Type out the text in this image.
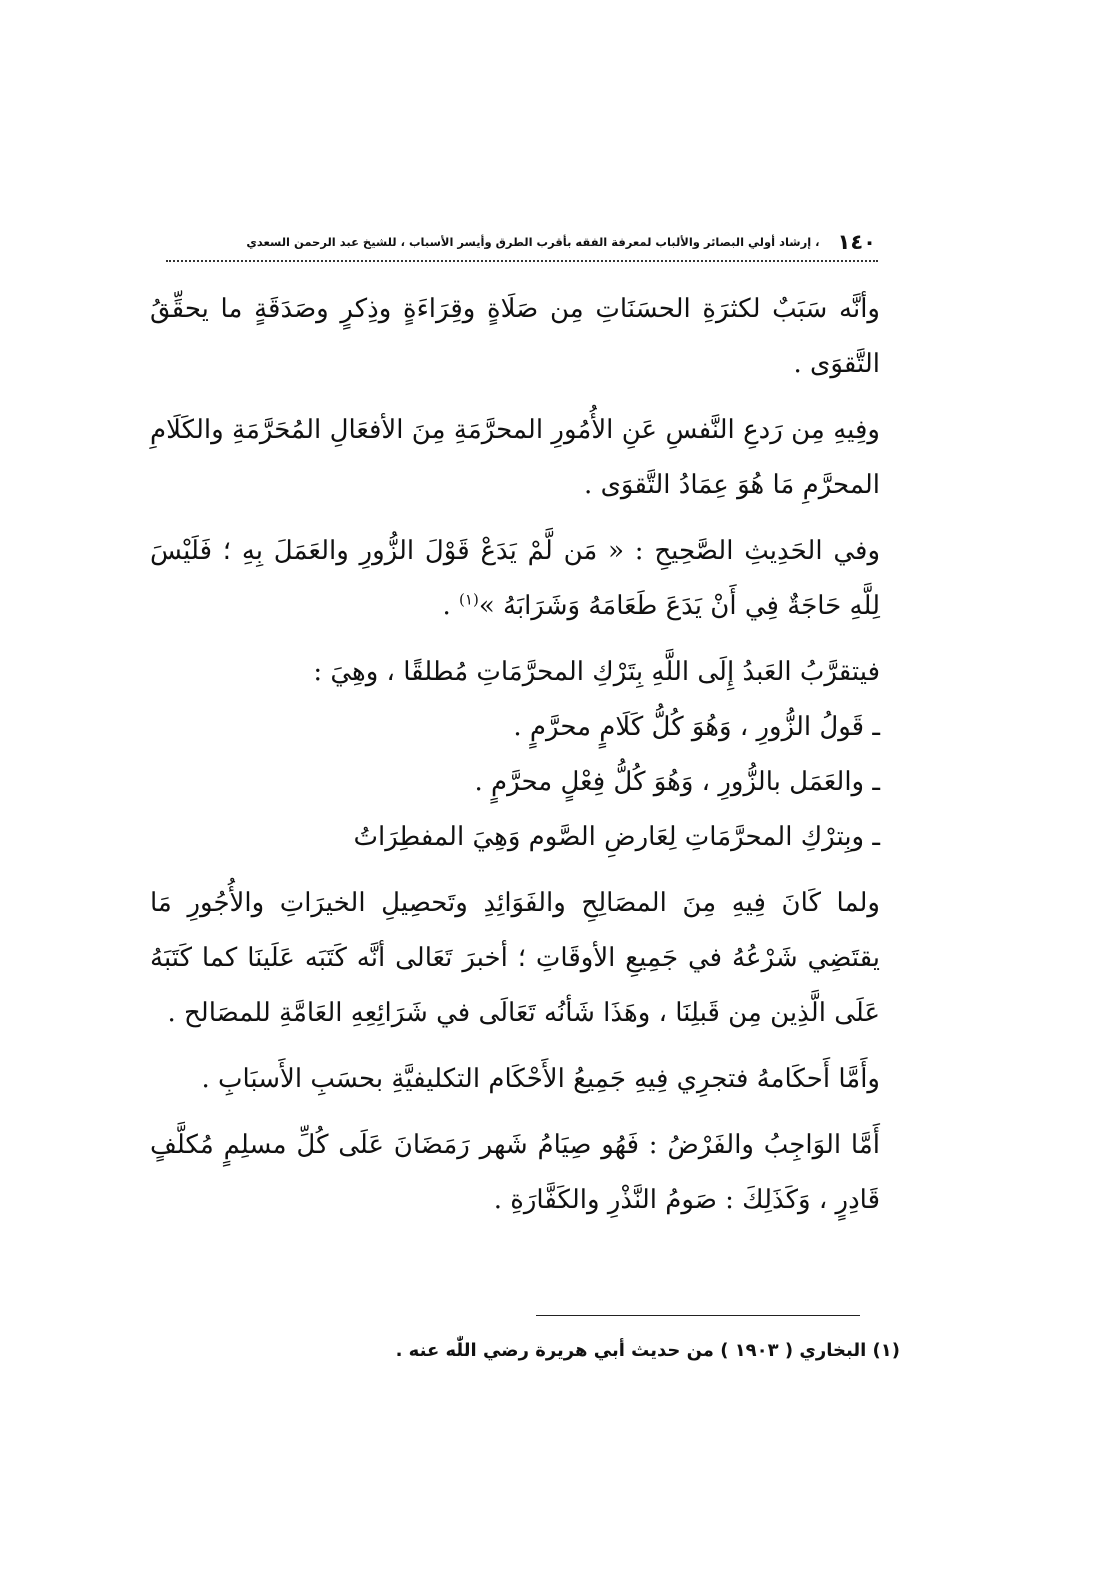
١٤٠
، إرشاد أولي البصائر والألباب لمعرفة الفقه بأقرب الطرق وأيسر الأسباب ، للشيخ عبد الرحمن السعدي

وأنَّه سَبَبٌ لكثرَةِ الحسَنَاتِ مِن صَلَاةٍ وقِرَاءَةٍ وذِكرٍ وصَدَقَةٍ ما يحقِّقُ التَّقوَى .

وفِيهِ مِن رَدعِ النَّفسِ عَنِ الأُمُورِ المحرَّمَةِ مِنَ الأفعَالِ المُحَرَّمَةِ والكَلَامِ المحرَّمِ مَا هُوَ عِمَادُ التَّقوَى .

وفي الحَدِيثِ الصَّحِيحِ : « مَن لَّمْ يَدَعْ قَوْلَ الزُّورِ والعَمَلَ بِهِ ؛ فَلَيْسَ لِلَّهِ حَاجَةٌ فِي أَنْ يَدَعَ طَعَامَهُ وَشَرَابَهُ »$^{(١)}$ .

فيتقرَّبُ العَبدُ إِلَى اللَّهِ بِتَرْكِ المحرَّمَاتِ مُطلقًا ، وهِيَ :

ـ قَولُ الزُّورِ ، وَهُوَ كُلُّ كَلَامٍ محرَّمٍ .

ـ والعَمَل بالزُّورِ ، وَهُوَ كُلُّ فِعْلٍ محرَّمٍ .

ـ وبِترْكِ المحرَّمَاتِ لِعَارضِ الصَّوم وَهِيَ المفطِرَاتُ

ولما كَانَ فِيهِ مِنَ المصَالِحِ والفَوَائِدِ وتَحصِيلِ الخيرَاتِ والأُجُورِ مَا يقتَضِي شَرْعُهُ في جَمِيعِ الأوقَاتِ ؛ أخبرَ تَعَالى أنَّه كَتَبَه عَلَينَا كما كَتَبَهُ عَلَى الَّذِين مِن قَبلِنَا ، وهَذَا شَأنُه تَعَالَى في شَرَائِعِهِ العَامَّةِ للمصَالح .

وأَمَّا أَحكَامهُ فتجرِي فِيهِ جَمِيعُ الأَحْكَام التكليفيَّةِ بحسَبِ الأَسبَابِ .

أَمَّا الوَاجِبُ والفَرْضُ : فَهُو صِيَامُ شَهر رَمَضَانَ عَلَى كُلِّ مسلِمٍ مُكلَّفٍ قَادِرٍ ، وَكَذَلِكَ : صَومُ النَّذْرِ والكَفَّارَةِ .

(١) البخاري ( ١٩٠٣ ) من حديث أبي هريرة رضي اللّٰه عنه .
